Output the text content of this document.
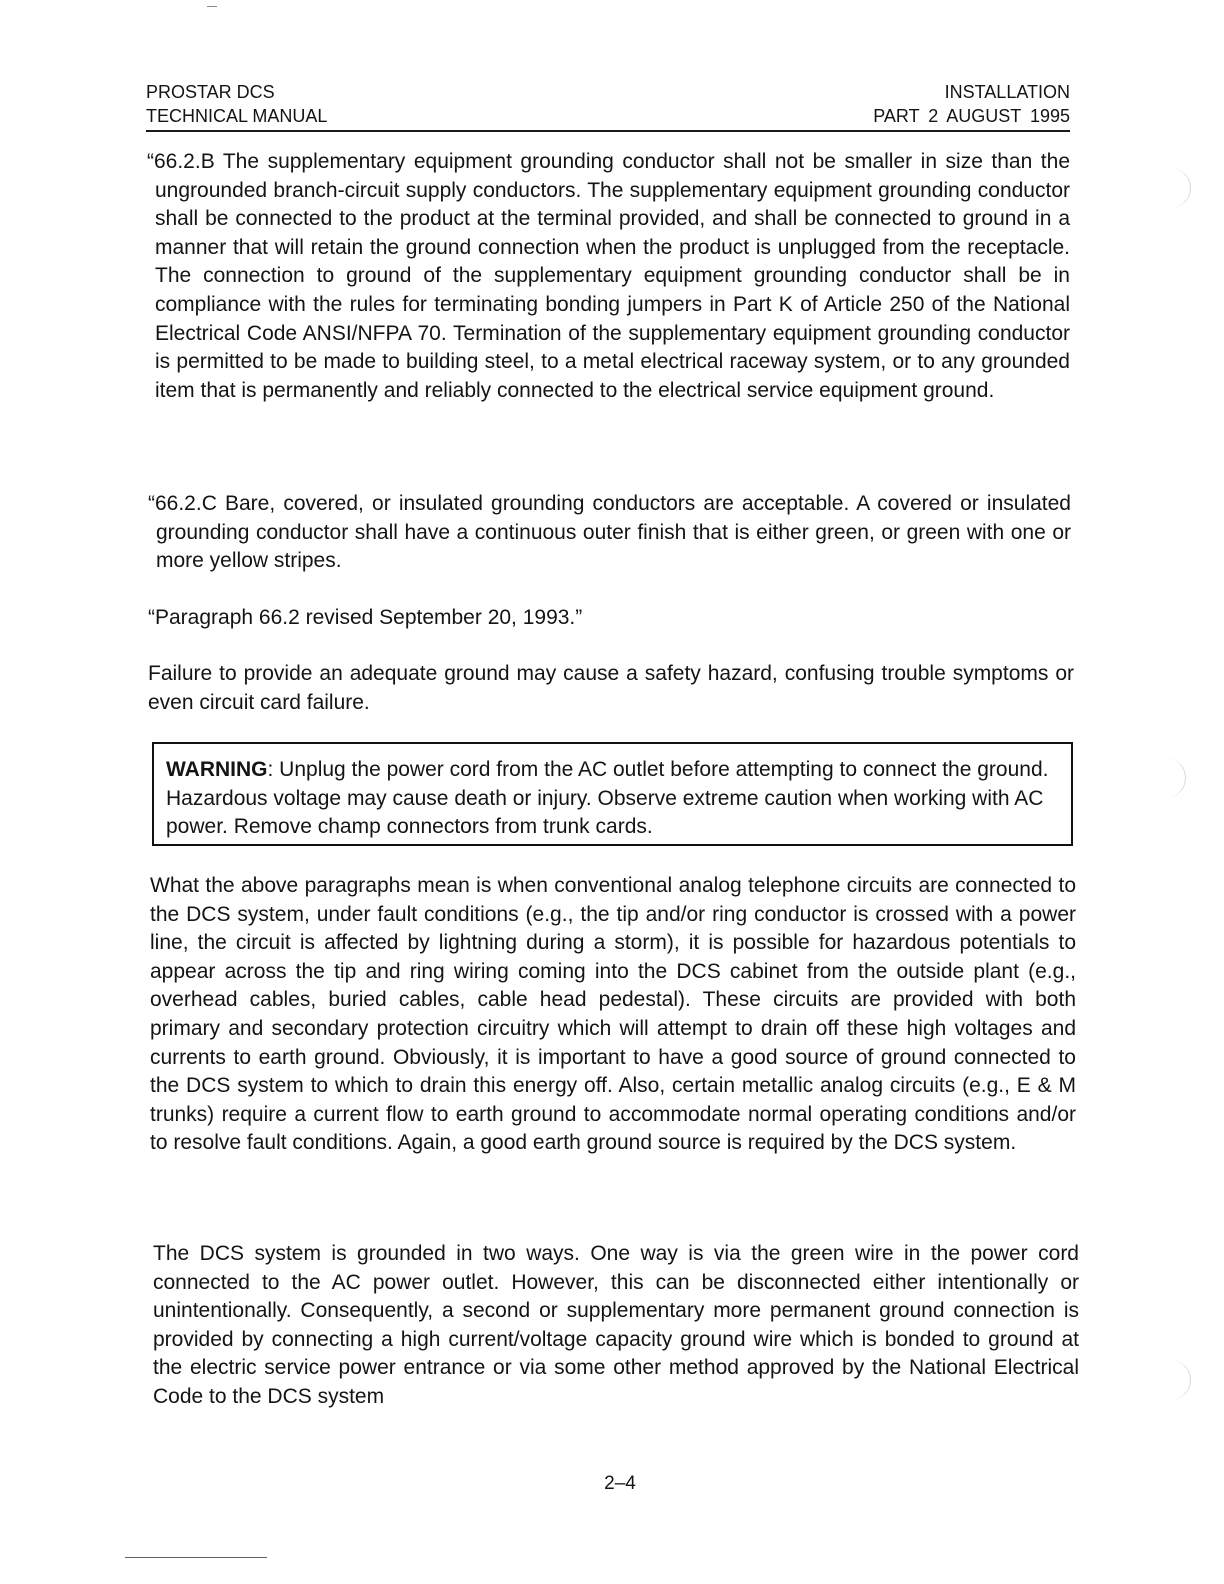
PROSTAR DCS
TECHNICAL MANUAL
INSTALLATION
PART 2 AUGUST 1995

“66.2.B The supplementary equipment grounding conductor shall not be smaller in size than the ungrounded branch-circuit supply conductors. The supplementary equipment grounding conductor shall be connected to the product at the terminal provided, and shall be connected to ground in a manner that will retain the ground connection when the product is unplugged from the receptacle. The connection to ground of the supplementary equipment grounding conductor shall be in compliance with the rules for terminating bonding jumpers in Part K of Article 250 of the National Electrical Code ANSI/NFPA 70. Termination of the supplementary equipment grounding conductor is permitted to be made to building steel, to a metal electrical raceway system, or to any grounded item that is permanently and reliably connected to the electrical service equipment ground.

“66.2.C Bare, covered, or insulated grounding conductors are acceptable. A covered or insulated grounding conductor shall have a continuous outer finish that is either green, or green with one or more yellow stripes.

“Paragraph 66.2 revised September 20, 1993.”

Failure to provide an adequate ground may cause a safety hazard, confusing trouble symptoms or even circuit card failure.

WARNING: Unplug the power cord from the AC outlet before attempting to connect the ground. Hazardous voltage may cause death or injury. Observe extreme caution when working with AC power. Remove champ connectors from trunk cards.

What the above paragraphs mean is when conventional analog telephone circuits are connected to the DCS system, under fault conditions (e.g., the tip and/or ring conductor is crossed with a power line, the circuit is affected by lightning during a storm), it is possible for hazardous potentials to appear across the tip and ring wiring coming into the DCS cabinet from the outside plant (e.g., overhead cables, buried cables, cable head pedestal). These circuits are provided with both primary and secondary protection circuitry which will attempt to drain off these high voltages and currents to earth ground. Obviously, it is important to have a good source of ground connected to the DCS system to which to drain this energy off. Also, certain metallic analog circuits (e.g., E & M trunks) require a current flow to earth ground to accommodate normal operating conditions and/or to resolve fault conditions. Again, a good earth ground source is required by the DCS system.

The DCS system is grounded in two ways. One way is via the green wire in the power cord connected to the AC power outlet. However, this can be disconnected either intentionally or unintentionally. Consequently, a second or supplementary more permanent ground connection is provided by connecting a high current/voltage capacity ground wire which is bonded to ground at the electric service power entrance or via some other method approved by the National Electrical Code to the DCS system

2–4
